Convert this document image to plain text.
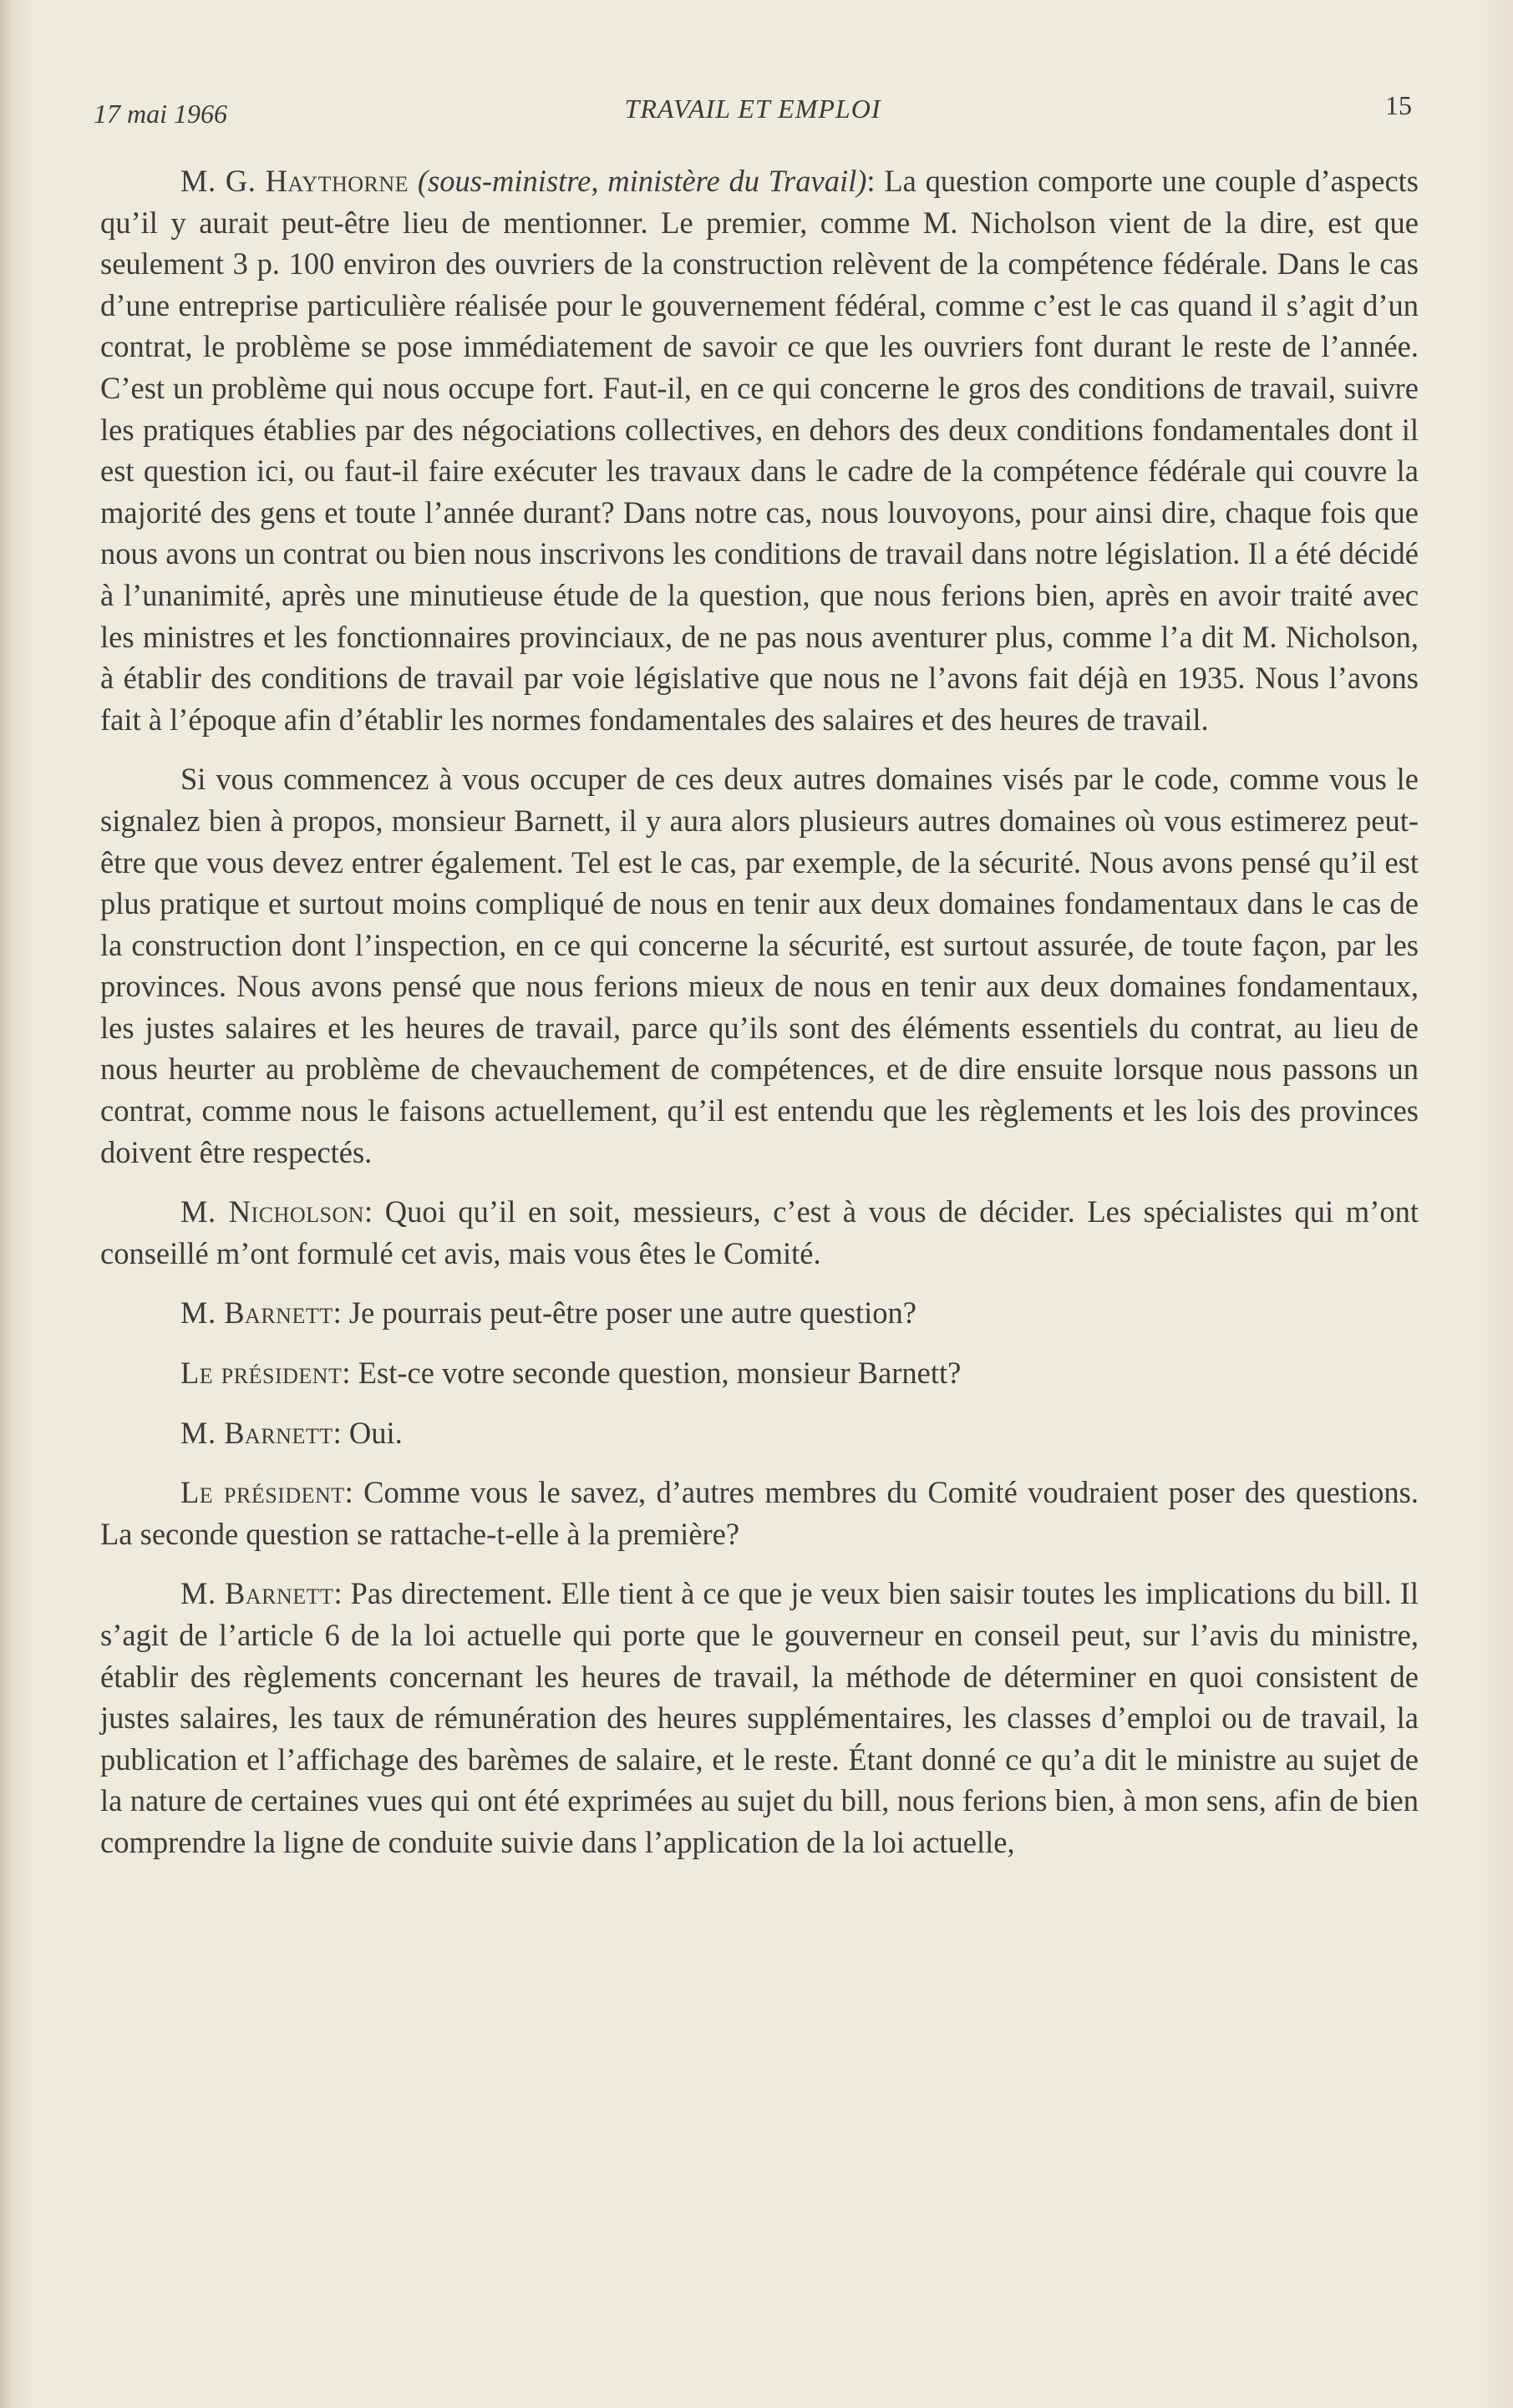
17 mai 1966	TRAVAIL ET EMPLOI	15

M. G. Haythorne (sous-ministre, ministère du Travail): La question comporte une couple d’aspects qu’il y aurait peut-être lieu de mentionner. Le premier, comme M. Nicholson vient de la dire, est que seulement 3 p. 100 environ des ouvriers de la construction relèvent de la compétence fédérale. Dans le cas d’une entreprise particulière réalisée pour le gouvernement fédéral, comme c’est le cas quand il s’agit d’un contrat, le problème se pose immédiatement de savoir ce que les ouvriers font durant le reste de l’année. C’est un problème qui nous occupe fort. Faut-il, en ce qui concerne le gros des conditions de travail, suivre les pratiques établies par des négociations collectives, en dehors des deux conditions fondamentales dont il est question ici, ou faut-il faire exécuter les travaux dans le cadre de la compétence fédérale qui couvre la majorité des gens et toute l’année durant? Dans notre cas, nous louvoyons, pour ainsi dire, chaque fois que nous avons un contrat ou bien nous inscrivons les conditions de travail dans notre législation. Il a été décidé à l’unanimité, après une minutieuse étude de la question, que nous ferions bien, après en avoir traité avec les ministres et les fonctionnaires provinciaux, de ne pas nous aventurer plus, comme l’a dit M. Nicholson, à établir des conditions de travail par voie législative que nous ne l’avons fait déjà en 1935. Nous l’avons fait à l’époque afin d’établir les normes fondamentales des salaires et des heures de travail.

Si vous commencez à vous occuper de ces deux autres domaines visés par le code, comme vous le signalez bien à propos, monsieur Barnett, il y aura alors plusieurs autres domaines où vous estimerez peut-être que vous devez entrer également. Tel est le cas, par exemple, de la sécurité. Nous avons pensé qu’il est plus pratique et surtout moins compliqué de nous en tenir aux deux domaines fondamentaux dans le cas de la construction dont l’inspection, en ce qui concerne la sécurité, est surtout assurée, de toute façon, par les provinces. Nous avons pensé que nous ferions mieux de nous en tenir aux deux domaines fondamentaux, les justes salaires et les heures de travail, parce qu’ils sont des éléments essentiels du contrat, au lieu de nous heurter au problème de chevauchement de compétences, et de dire ensuite lorsque nous passons un contrat, comme nous le faisons actuellement, qu’il est entendu que les règlements et les lois des provinces doivent être respectés.

M. Nicholson: Quoi qu’il en soit, messieurs, c’est à vous de décider. Les spécialistes qui m’ont conseillé m’ont formulé cet avis, mais vous êtes le Comité.

M. Barnett: Je pourrais peut-être poser une autre question?

Le président: Est-ce votre seconde question, monsieur Barnett?

M. Barnett: Oui.

Le président: Comme vous le savez, d’autres membres du Comité voudraient poser des questions. La seconde question se rattache-t-elle à la première?

M. Barnett: Pas directement. Elle tient à ce que je veux bien saisir toutes les implications du bill. Il s’agit de l’article 6 de la loi actuelle qui porte que le gouverneur en conseil peut, sur l’avis du ministre, établir des règlements concernant les heures de travail, la méthode de déterminer en quoi consistent de justes salaires, les taux de rémunération des heures supplémentaires, les classes d’emploi ou de travail, la publication et l’affichage des barèmes de salaire, et le reste. Étant donné ce qu’a dit le ministre au sujet de la nature de certaines vues qui ont été exprimées au sujet du bill, nous ferions bien, à mon sens, afin de bien comprendre la ligne de conduite suivie dans l’application de la loi actuelle,
